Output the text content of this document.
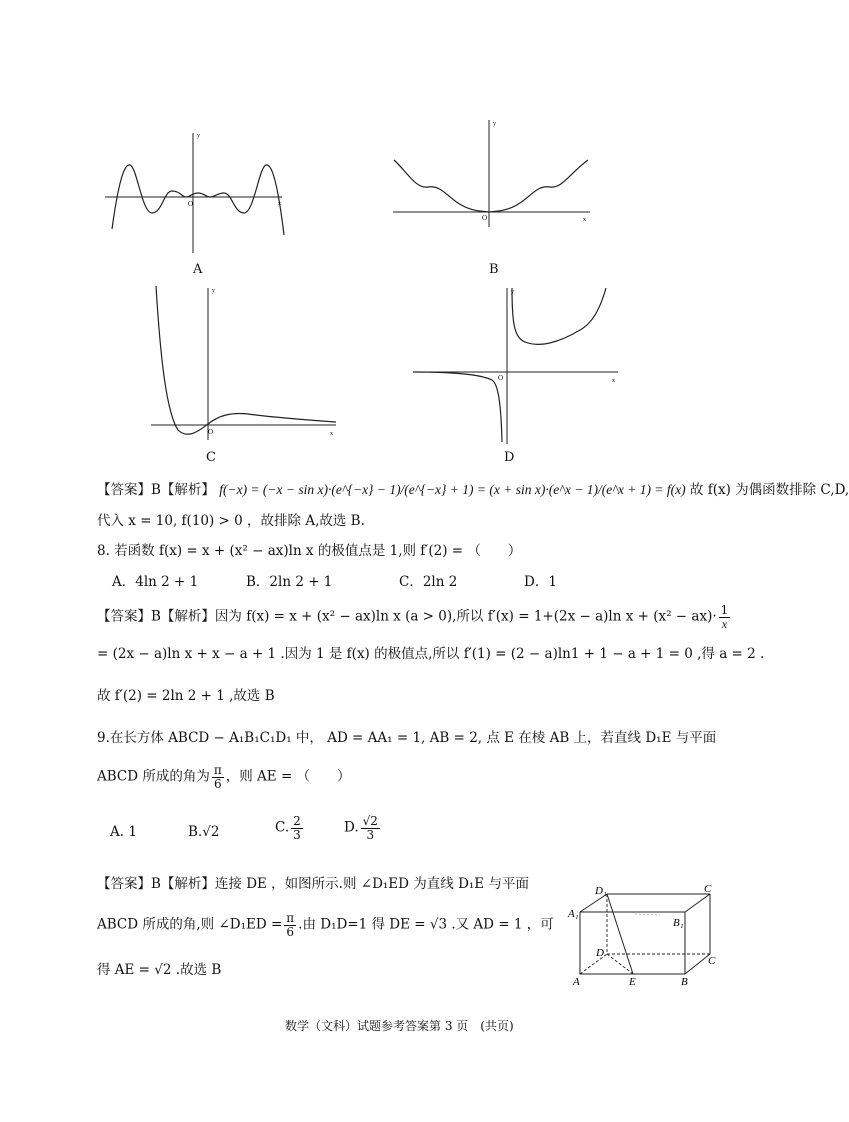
O	x
y
A
O	x
y
B
O	x
y
C
O	x
y
D
【答案】B【解析】 f(−x) = (−x − sin x)·(e^{−x} − 1)/(e^{−x} + 1) = (x + sin x)·(e^x − 1)/(e^x + 1) = f(x) 故 f(x) 为偶函数排除 C,D,
代入 x = 10, f(10) > 0 ，故排除 A,故选 B.
8. 若函数 f(x) = x + (x² − ax)ln x 的极值点是 1,则 f′(2) = （　　）
A．4ln 2 + 1	B．2ln 2 + 1	C．2ln 2	D．1
【答案】B【解析】因为 f(x) = x + (x² − ax)ln x (a > 0),所以 f′(x) = 1+(2x − a)ln $x + (x^2 - ax)\cdot \frac{1}{x}$
= (2x − a)ln x + x − a + 1 .因为 1 是 f(x) 的极值点,所以 f′(1) = (2 − a)ln1 + 1 − a + 1 = 0 ,得 a = 2 .
故 f′(2) = 2ln 2 + 1 ,故选 B
9.在长方体 ABCD − A₁B₁C₁D₁ 中， AD = AA₁ = 1, AB = 2, 点 E 在棱 AB 上，若直线 D₁E 与平面
ABCD 所成的角为 $\frac{\pi}{6}$ ，则 AE = （　　）
A. 1	B.√2	C. $\frac{2}{3}$	D. $\frac{√2}{3}$
【答案】B【解析】连接 DE ，如图所示.则 ∠D₁ED 为直线 D₁E 与平面
ABCD 所成的角,则 ∠D₁ED = $\frac{\pi}{6}$ .由 D₁D=1 得 DE = √3 .又 AD = 1 ，可
得 AE = √2 .故选 B
D₁	C
A₁
B₁
D
C
A	E	B
数学（文科）试题参考答案第 3 页　(共页)
